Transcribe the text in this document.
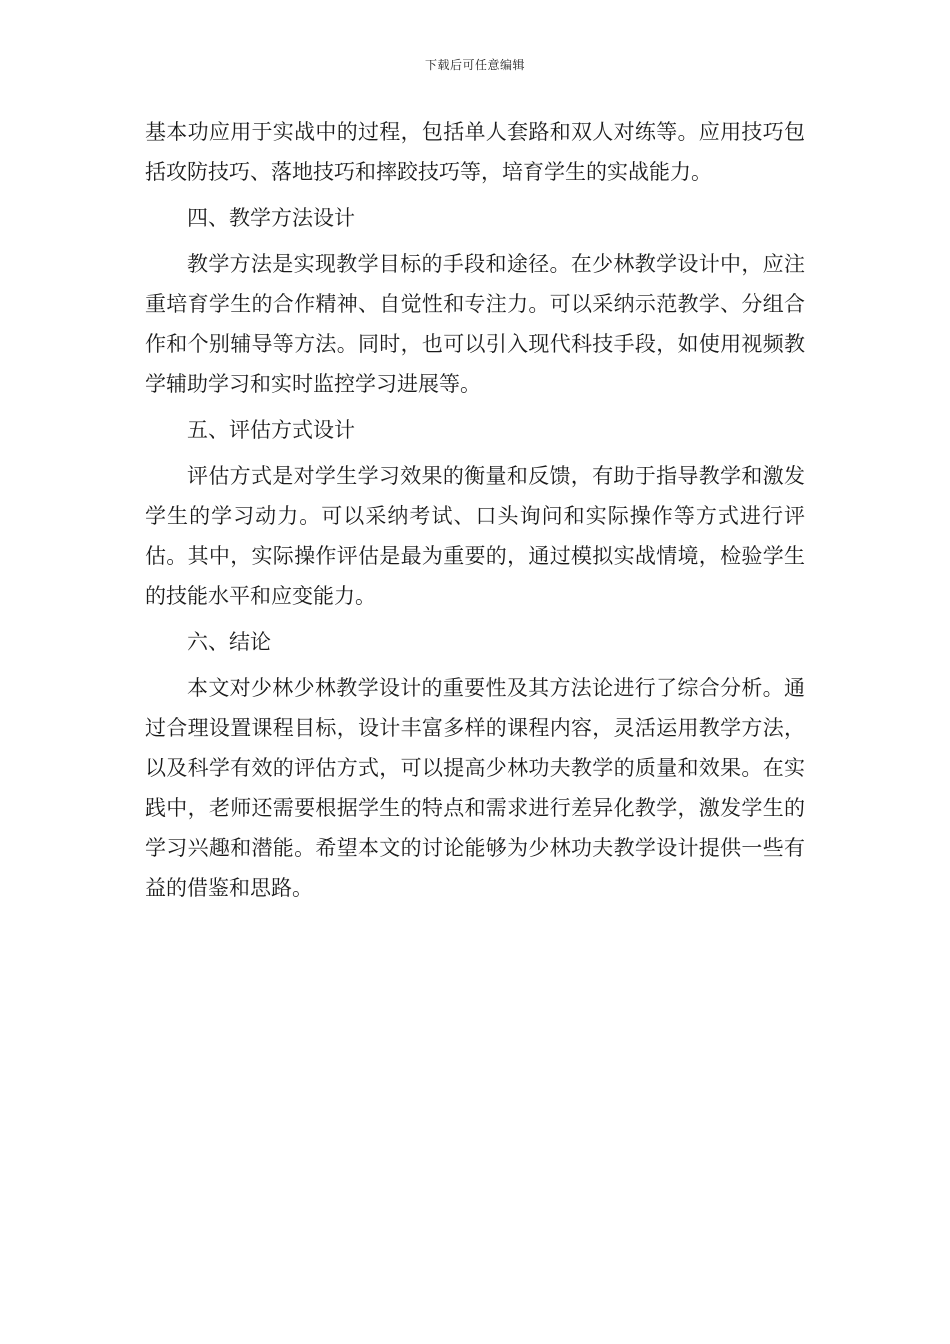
下载后可任意编辑

基本功应用于实战中的过程，包括单人套路和双人对练等。应用技巧包括攻防技巧、落地技巧和摔跤技巧等，培育学生的实战能力。

四、教学方法设计

教学方法是实现教学目标的手段和途径。在少林教学设计中，应注重培育学生的合作精神、自觉性和专注力。可以采纳示范教学、分组合作和个别辅导等方法。同时，也可以引入现代科技手段，如使用视频教学辅助学习和实时监控学习进展等。

五、评估方式设计

评估方式是对学生学习效果的衡量和反馈，有助于指导教学和激发学生的学习动力。可以采纳考试、口头询问和实际操作等方式进行评估。其中，实际操作评估是最为重要的，通过模拟实战情境，检验学生的技能水平和应变能力。

六、结论

本文对少林少林教学设计的重要性及其方法论进行了综合分析。通过合理设置课程目标，设计丰富多样的课程内容，灵活运用教学方法，以及科学有效的评估方式，可以提高少林功夫教学的质量和效果。在实践中，老师还需要根据学生的特点和需求进行差异化教学，激发学生的学习兴趣和潜能。希望本文的讨论能够为少林功夫教学设计提供一些有益的借鉴和思路。
